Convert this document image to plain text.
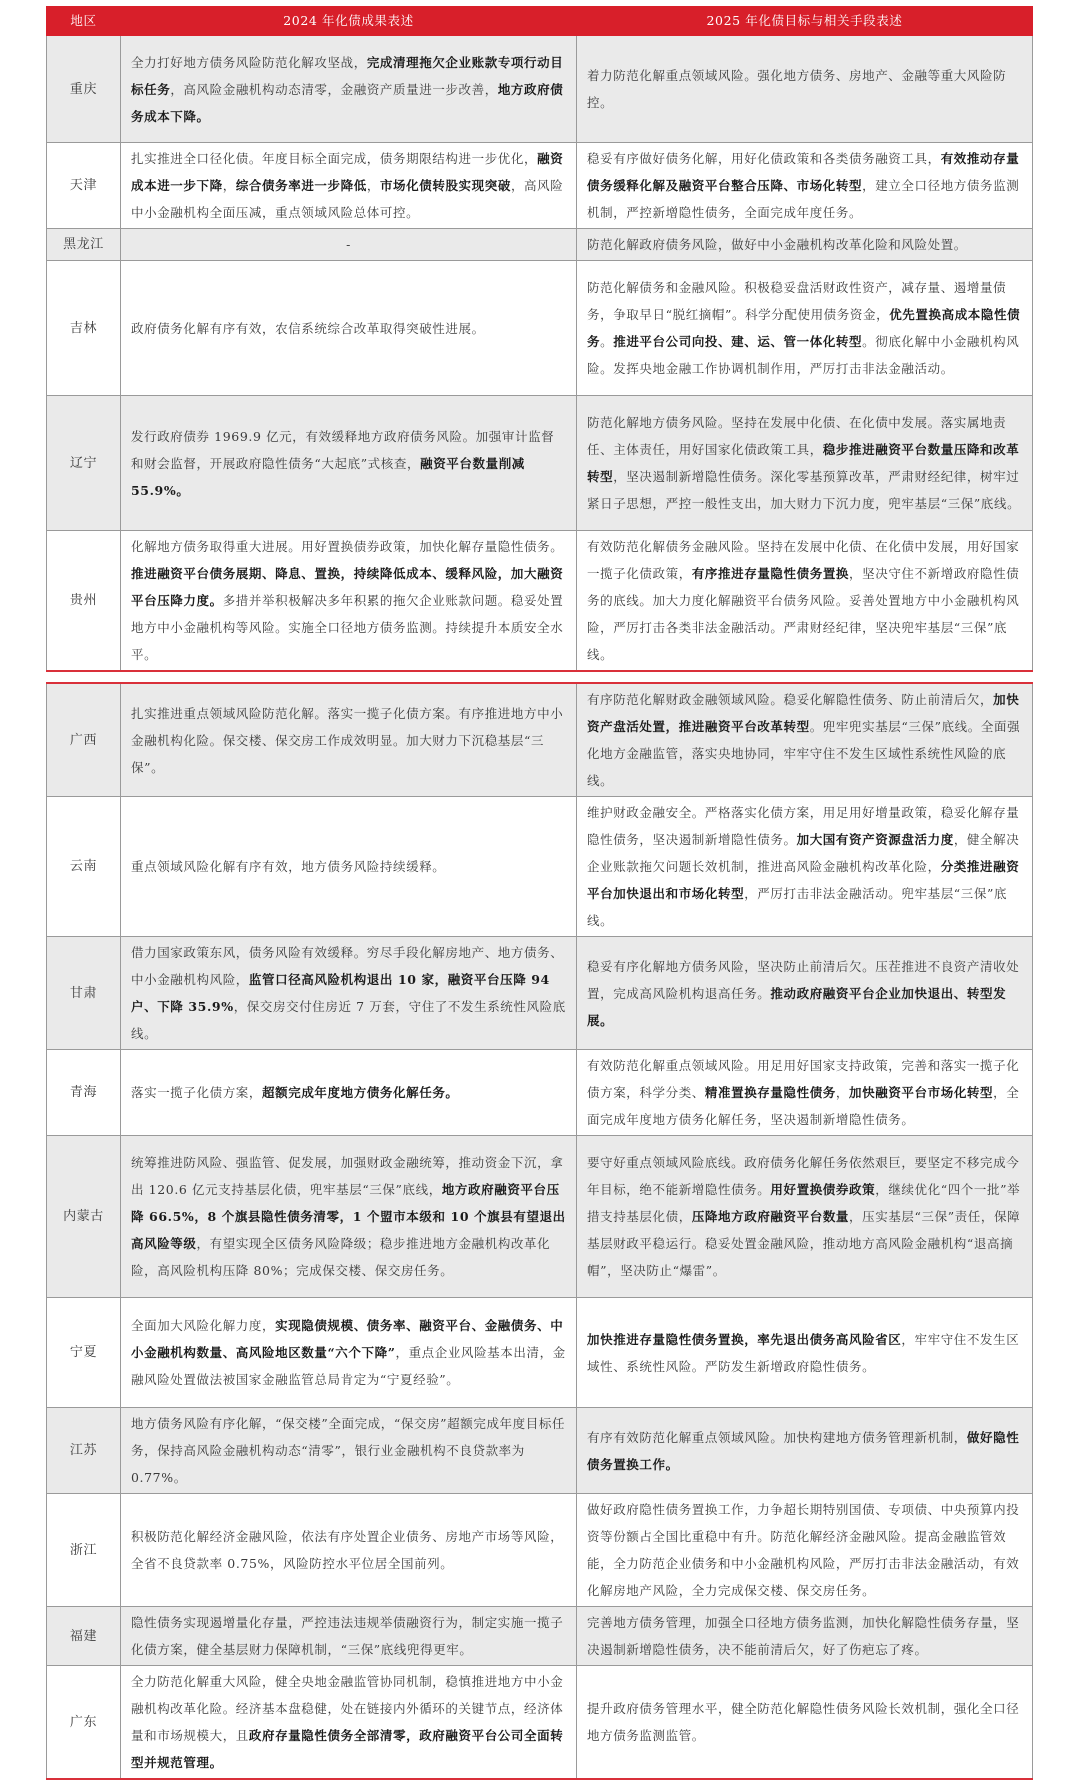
地区	2024 年化债成果表述	2025 年化债目标与相关手段表述
重庆	全力打好地方债务风险防范化解攻坚战，完成清理拖欠企业账款专项行动目标任务，高风险金融机构动态清零，金融资产质量进一步改善，地方政府债务成本下降。	着力防范化解重点领域风险。强化地方债务、房地产、金融等重大风险防控。
天津	扎实推进全口径化债。年度目标全面完成，债务期限结构进一步优化，融资成本进一步下降，综合债务率进一步降低，市场化债转股实现突破，高风险中小金融机构全面压减，重点领域风险总体可控。	稳妥有序做好债务化解，用好化债政策和各类债务融资工具，有效推动存量债务缓释化解及融资平台整合压降、市场化转型，建立全口径地方债务监测机制，严控新增隐性债务，全面完成年度任务。
黑龙江	-	防范化解政府债务风险，做好中小金融机构改革化险和风险处置。
吉林	政府债务化解有序有效，农信系统综合改革取得突破性进展。	防范化解债务和金融风险。积极稳妥盘活财政性资产，减存量、遏增量债务，争取早日“脱红摘帽”。科学分配使用债务资金，优先置换高成本隐性债务。推进平台公司向投、建、运、管一体化转型。彻底化解中小金融机构风险。发挥央地金融工作协调机制作用，严厉打击非法金融活动。
辽宁	发行政府债券 1969.9 亿元，有效缓释地方政府债务风险。加强审计监督和财会监督，开展政府隐性债务“大起底”式核查，融资平台数量削减 55.9%。	防范化解地方债务风险。坚持在发展中化债、在化债中发展。落实属地责任、主体责任，用好国家化债政策工具，稳步推进融资平台数量压降和改革转型，坚决遏制新增隐性债务。深化零基预算改革，严肃财经纪律，树牢过紧日子思想，严控一般性支出，加大财力下沉力度，兜牢基层“三保”底线。
贵州	化解地方债务取得重大进展。用好置换债券政策，加快化解存量隐性债务。推进融资平台债务展期、降息、置换，持续降低成本、缓释风险，加大融资平台压降力度。多措并举积极解决多年积累的拖欠企业账款问题。稳妥处置地方中小金融机构等风险。实施全口径地方债务监测。持续提升本质安全水平。	有效防范化解债务金融风险。坚持在发展中化债、在化债中发展，用好国家一揽子化债政策，有序推进存量隐性债务置换，坚决守住不新增政府隐性债务的底线。加大力度化解融资平台债务风险。妥善处置地方中小金融机构风险，严厉打击各类非法金融活动。严肃财经纪律，坚决兜牢基层“三保”底线。
广西	扎实推进重点领域风险防范化解。落实一揽子化债方案。有序推进地方中小金融机构化险。保交楼、保交房工作成效明显。加大财力下沉稳基层“三保”。	有序防范化解财政金融领域风险。稳妥化解隐性债务、防止前清后欠，加快资产盘活处置，推进融资平台改革转型。兜牢兜实基层“三保”底线。全面强化地方金融监管，落实央地协同，牢牢守住不发生区域性系统性风险的底线。
云南	重点领域风险化解有序有效，地方债务风险持续缓释。	维护财政金融安全。严格落实化债方案，用足用好增量政策，稳妥化解存量隐性债务，坚决遏制新增隐性债务。加大国有资产资源盘活力度，健全解决企业账款拖欠问题长效机制，推进高风险金融机构改革化险，分类推进融资平台加快退出和市场化转型，严厉打击非法金融活动。兜牢基层“三保”底线。
甘肃	借力国家政策东风，债务风险有效缓释。穷尽手段化解房地产、地方债务、中小金融机构风险，监管口径高风险机构退出 10 家，融资平台压降 94 户、下降 35.9%，保交房交付住房近 7 万套，守住了不发生系统性风险底线。	稳妥有序化解地方债务风险，坚决防止前清后欠。压茬推进不良资产清收处置，完成高风险机构退高任务。推动政府融资平台企业加快退出、转型发展。
青海	落实一揽子化债方案，超额完成年度地方债务化解任务。	有效防范化解重点领域风险。用足用好国家支持政策，完善和落实一揽子化债方案，科学分类、精准置换存量隐性债务，加快融资平台市场化转型，全面完成年度地方债务化解任务，坚决遏制新增隐性债务。
内蒙古	统筹推进防风险、强监管、促发展，加强财政金融统筹，推动资金下沉，拿出 120.6 亿元支持基层化债，兜牢基层“三保”底线，地方政府融资平台压降 66.5%，8 个旗县隐性债务清零，1 个盟市本级和 10 个旗县有望退出高风险等级，有望实现全区债务风险降级；稳步推进地方金融机构改革化险，高风险机构压降 80%；完成保交楼、保交房任务。	要守好重点领域风险底线。政府债务化解任务依然艰巨，要坚定不移完成今年目标，绝不能新增隐性债务。用好置换债券政策，继续优化“四个一批”举措支持基层化债，压降地方政府融资平台数量，压实基层“三保”责任，保障基层财政平稳运行。稳妥处置金融风险，推动地方高风险金融机构“退高摘帽”，坚决防止“爆雷”。
宁夏	全面加大风险化解力度，实现隐债规模、债务率、融资平台、金融债务、中小金融机构数量、高风险地区数量“六个下降”，重点企业风险基本出清，金融风险处置做法被国家金融监管总局肯定为“宁夏经验”。	加快推进存量隐性债务置换，率先退出债务高风险省区，牢牢守住不发生区域性、系统性风险。严防发生新增政府隐性债务。
江苏	地方债务风险有序化解，“保交楼”全面完成，“保交房”超额完成年度目标任务，保持高风险金融机构动态“清零”，银行业金融机构不良贷款率为 0.77%。	有序有效防范化解重点领域风险。加快构建地方债务管理新机制，做好隐性债务置换工作。
浙江	积极防范化解经济金融风险，依法有序处置企业债务、房地产市场等风险，全省不良贷款率 0.75%，风险防控水平位居全国前列。	做好政府隐性债务置换工作，力争超长期特别国债、专项债、中央预算内投资等份额占全国比重稳中有升。防范化解经济金融风险。提高金融监管效能，全力防范企业债务和中小金融机构风险，严厉打击非法金融活动，有效化解房地产风险，全力完成保交楼、保交房任务。
福建	隐性债务实现遏增量化存量，严控违法违规举债融资行为，制定实施一揽子化债方案，健全基层财力保障机制，“三保”底线兜得更牢。	完善地方债务管理，加强全口径地方债务监测，加快化解隐性债务存量，坚决遏制新增隐性债务，决不能前清后欠，好了伤疤忘了疼。
广东	全力防范化解重大风险，健全央地金融监管协同机制，稳慎推进地方中小金融机构改革化险。经济基本盘稳健，处在链接内外循环的关键节点，经济体量和市场规模大，且政府存量隐性债务全部清零，政府融资平台公司全面转型并规范管理。	提升政府债务管理水平，健全防范化解隐性债务风险长效机制，强化全口径地方债务监测监管。
